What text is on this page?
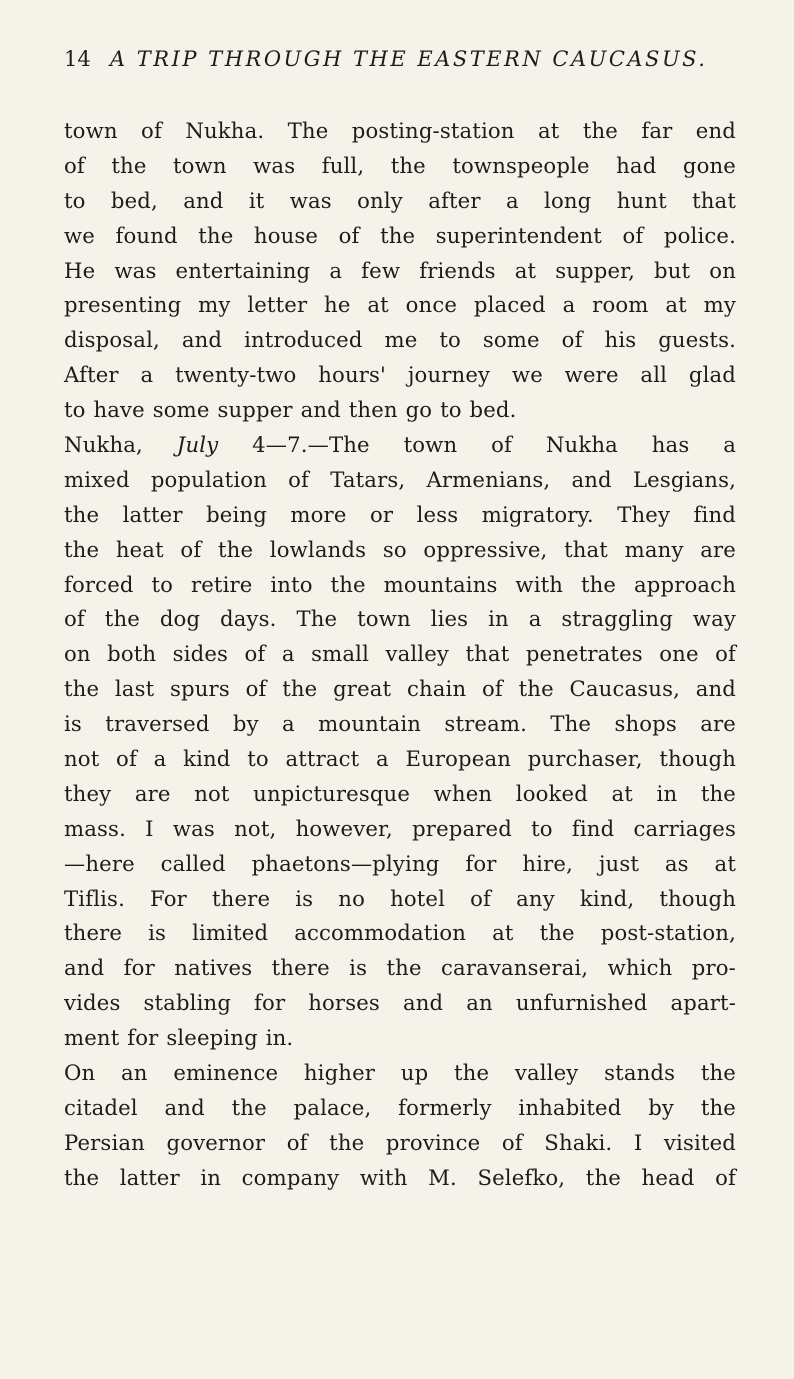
14 A TRIP THROUGH THE EASTERN CAUCASUS.
town of Nukha. The posting-station at the far end
of the town was full, the townspeople had gone
to bed, and it was only after a long hunt that
we found the house of the superintendent of police.
He was entertaining a few friends at supper, but on
presenting my letter he at once placed a room at my
disposal, and introduced me to some of his guests.
After a twenty-two hours' journey we were all glad
to have some supper and then go to bed.
Nukha, July 4—7.—The town of Nukha has a
mixed population of Tatars, Armenians, and Lesgians,
the latter being more or less migratory. They find
the heat of the lowlands so oppressive, that many are
forced to retire into the mountains with the approach
of the dog days. The town lies in a straggling way
on both sides of a small valley that penetrates one of
the last spurs of the great chain of the Caucasus, and
is traversed by a mountain stream. The shops are
not of a kind to attract a European purchaser, though
they are not unpicturesque when looked at in the
mass. I was not, however, prepared to find carriages
—here called phaetons—plying for hire, just as at
Tiflis. For there is no hotel of any kind, though
there is limited accommodation at the post-station,
and for natives there is the caravanserai, which pro-
vides stabling for horses and an unfurnished apart-
ment for sleeping in.
On an eminence higher up the valley stands the
citadel and the palace, formerly inhabited by the
Persian governor of the province of Shaki. I visited
the latter in company with M. Selefko, the head of
